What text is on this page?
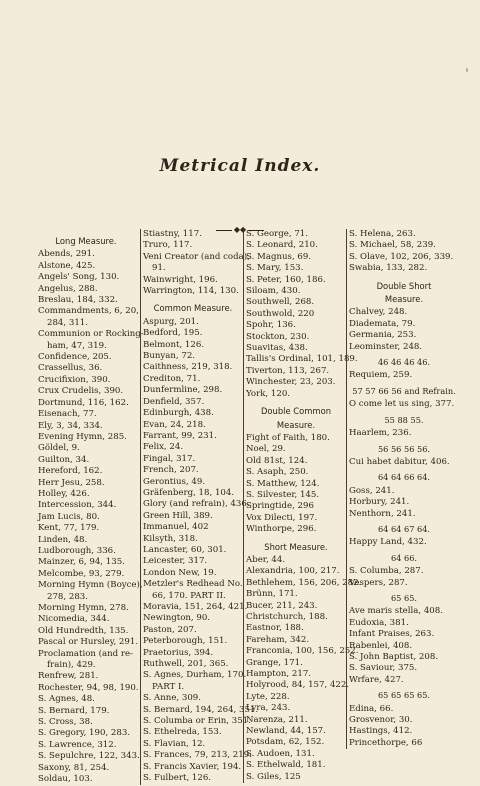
Metrical Index.
◆◆
Long Measure.
Abends, 291.
Alstone, 425.
Angels' Song, 130.
Angelus, 288.
Breslau, 184, 332.
Commandments, 6, 20,
284, 311.
Communion or Rocking-
ham, 47, 319.
Confidence, 205.
Crassellus, 36.
Crucifixion, 390.
Crux Crudelis, 390.
Dortmund, 116, 162.
Eisenach, 77.
Ely, 3, 34, 334.
Evening Hymn, 285.
Göldel, 9.
Guilton, 34.
Hereford, 162.
Herr Jesu, 258.
Holley, 426.
Intercession, 344.
Jam Lucis, 80.
Kent, 77, 179.
Linden, 48.
Ludborough, 336.
Mainzer, 6, 94, 135.
Melcombe, 93, 279.
Morning Hymn (Boyce),
278, 283.
Morning Hymn, 278.
Nicomedia, 344.
Old Hundredth, 135.
Pascal or Hursley, 291.
Proclamation (and re-
frain), 429.
Renfrew, 281.
Rochester, 94, 98, 190.
S. Agnes, 48.
S. Bernard, 179.
S. Cross, 38.
S. Gregory, 190, 283.
S. Lawrence, 312.
S. Sepulchre, 122, 343.
Saxony, 81, 254.
Soldau, 103.
Stiastny, 117.
Truro, 117.
Veni Creator (and coda),
91.
Wainwright, 196.
Warrington, 114, 130.
Common Measure.
Aspurg, 201.
Bedford, 195.
Belmont, 126.
Bunyan, 72.
Caithness, 219, 318.
Crediton, 71.
Dunfermline, 298.
Denfield, 357.
Edinburgh, 438.
Evan, 24, 218.
Farrant, 99, 231.
Felix, 24.
Fingal, 317.
French, 207.
Gerontius, 49.
Gräfenberg, 18, 104.
Glory (and refrain), 436.
Green Hill, 389.
Immanuel, 402
Kilsyth, 318.
Lancaster, 60, 301.
Leicester, 317.
London New, 19.
Metzler's Redhead No.
66, 170. PART II.
Moravia, 151, 264, 421.
Newington, 90.
Paston, 207.
Peterborough, 151.
Praetorius, 394.
Ruthwell, 201, 365.
S. Agnes, Durham, 170.
PART I.
S. Anne, 309.
S. Bernard, 194, 264, 351.
S. Columba or Erin, 351.
S. Ethelreda, 153.
S. Flavian, 12.
S. Frances, 79, 213, 219.
S. Francis Xavier, 194.
S. Fulbert, 126.
S. George, 71.
S. Leonard, 210.
S. Magnus, 69.
S. Mary, 153.
S. Peter, 160, 186.
Siloam, 430.
Southwell, 268.
Southwold, 220
Spohr, 136.
Stockton, 230.
Suavitas, 438.
Tallis's Ordinal, 101, 189.
Tiverton, 113, 267.
Winchester, 23, 203.
York, 120.
Double Common
Measure.
Fight of Faith, 180.
Noel, 29.
Old 81st, 124.
S. Asaph, 250.
S. Matthew, 124.
S. Silvester, 145.
Springtide, 296
Vox Dilecti, 197.
Winthorpe, 296.
Short Measure.
Aber, 44.
Alexandria, 100, 217.
Bethlehem, 156, 206, 282.
Brünn, 171.
Bucer, 211, 243.
Christchurch, 188.
Eastnor, 188.
Fareham, 342.
Franconia, 100, 156, 252.
Grange, 171.
Hampton, 217.
Holyrood, 84, 157, 422.
Lyte, 228.
Lyra, 243.
Narenza, 211.
Newland, 44, 157.
Potsdam, 62, 152.
S. Audoen, 131.
S. Ethelwald, 181.
S. Giles, 125
S. Helena, 263.
S. Michael, 58, 239.
S. Olave, 102, 206, 339.
Swabia, 133, 282.
Double Short
Measure.
Chalvey, 248.
Diademata, 79.
Germania, 253.
Leominster, 248.
46 46 46 46.
Requiem, 259.
57 57 66 56 and Refrain.
O come let us sing, 377.
55 88 55.
Haarlem, 236.
56 56 56 56.
Cui habet dabitur, 406.
64 64 66 64.
Goss, 241.
Horbury, 241.
Nenthorn, 241.
64 64 67 64.
Happy Land, 432.
64 66.
S. Columba, 287.
Vespers, 287.
65 65.
Ave maris stella, 408.
Eudoxia, 381.
Infant Praises, 263.
Rabenlei, 408.
S. John Baptist, 208.
S. Saviour, 375.
Wrfare, 427.
65 65 65 65.
Edina, 66.
Grosvenor, 30.
Hastings, 412.
Princethorpe, 66
